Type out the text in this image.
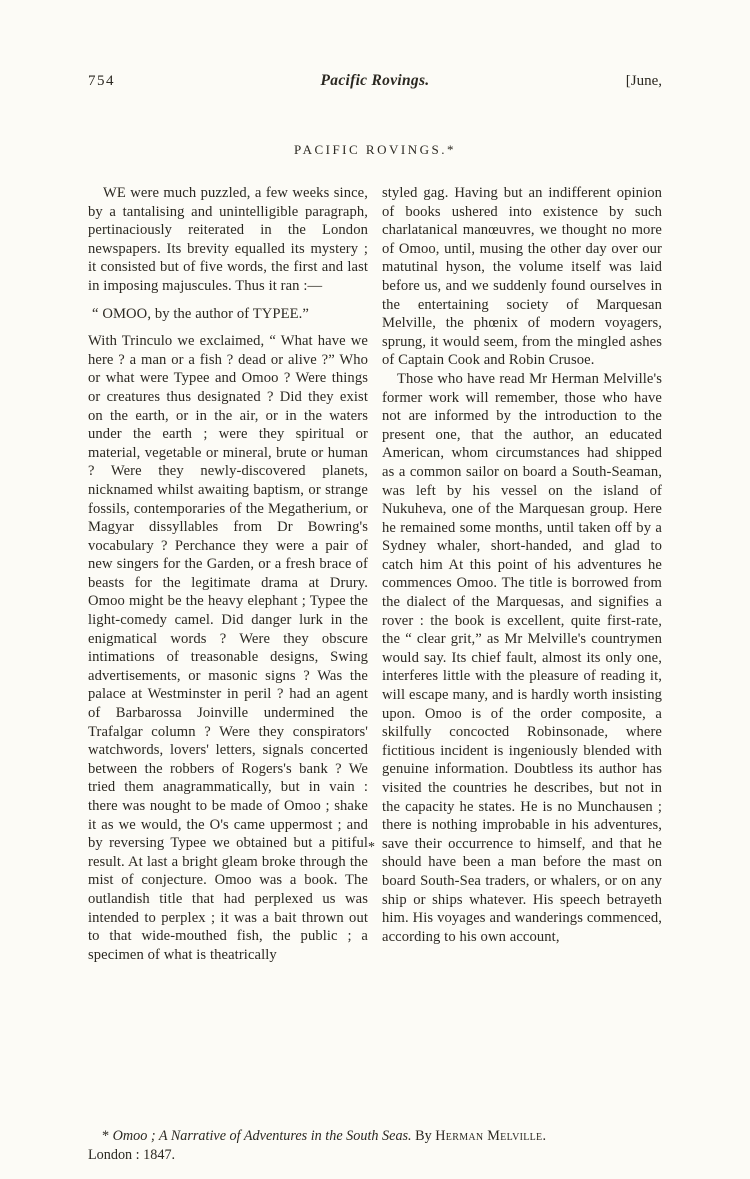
754	Pacific Rovings.	[June,
PACIFIC ROVINGS.*

WE were much puzzled, a few weeks since, by a tantalising and unintelligible paragraph, pertinaciously reiterated in the London newspapers. Its brevity equalled its mystery ; it consisted but of five words, the first and last in imposing majuscules. Thus it ran :—

“ OMOO, by the author of TYPEE.”

With Trinculo we exclaimed, “ What have we here ? a man or a fish ? dead or alive ?” Who or what were Typee and Omoo ? Were things or creatures thus designated ? Did they exist on the earth, or in the air, or in the waters under the earth ; were they spiritual or material, vegetable or mineral, brute or human ? Were they newly-discovered planets, nicknamed whilst awaiting baptism, or strange fossils, contemporaries of the Megatherium, or Magyar dissyllables from Dr Bowring's vocabulary ? Perchance they were a pair of new singers for the Garden, or a fresh brace of beasts for the legitimate drama at Drury. Omoo might be the heavy elephant ; Typee the light-comedy camel. Did danger lurk in the enigmatical words ? Were they obscure intimations of treasonable designs, Swing advertisements, or masonic signs ? Was the palace at Westminster in peril ? had an agent of Barbarossa Joinville undermined the Trafalgar column ? Were they conspirators' watchwords, lovers' letters, signals concerted between the robbers of Rogers's bank ? We tried them anagrammatically, but in vain : there was nought to be made of Omoo ; shake it as we would, the O's came uppermost ; and by reversing Typee we obtained but a pitiful result. At last a bright gleam broke through the mist of conjecture. Omoo was a book. The outlandish title that had perplexed us was intended to perplex ; it was a bait thrown out to that wide-mouthed fish, the public ; a specimen of what is theatrically

styled gag. Having but an indifferent opinion of books ushered into existence by such charlatanical manœuvres, we thought no more of Omoo, until, musing the other day over our matutinal hyson, the volume itself was laid before us, and we suddenly found ourselves in the entertaining society of Marquesan Melville, the phœnix of modern voyagers, sprung, it would seem, from the mingled ashes of Captain Cook and Robin Crusoe.

Those who have read Mr Herman Melville's former work will remember, those who have not are informed by the introduction to the present one, that the author, an educated American, whom circumstances had shipped as a common sailor on board a South-Seaman, was left by his vessel on the island of Nukuheva, one of the Marquesan group. Here he remained some months, until taken off by a Sydney whaler, short-handed, and glad to catch him At this point of his adventures he commences Omoo. The title is borrowed from the dialect of the Marquesas, and signifies a rover : the book is excellent, quite first-rate, the “ clear grit,” as Mr Melville's countrymen would say. Its chief fault, almost its only one, interferes little with the pleasure of reading it, will escape many, and is hardly worth insisting upon. Omoo is of the order composite, a skilfully concocted Robinsonade, where fictitious incident is ingeniously blended with genuine information. Doubtless its author has visited the countries he describes, but not in the capacity he states. He is no Munchausen ; there is nothing improbable in his adventures, save their occurrence to himself, and that he should have been a man before the mast on board South-Sea traders, or whalers, or on any ship or ships whatever. His speech betrayeth him. His voyages and wanderings commenced, according to his own account,

*

* Omoo ; A Narrative of Adventures in the South Seas. By Herman Melville.

London : 1847.
